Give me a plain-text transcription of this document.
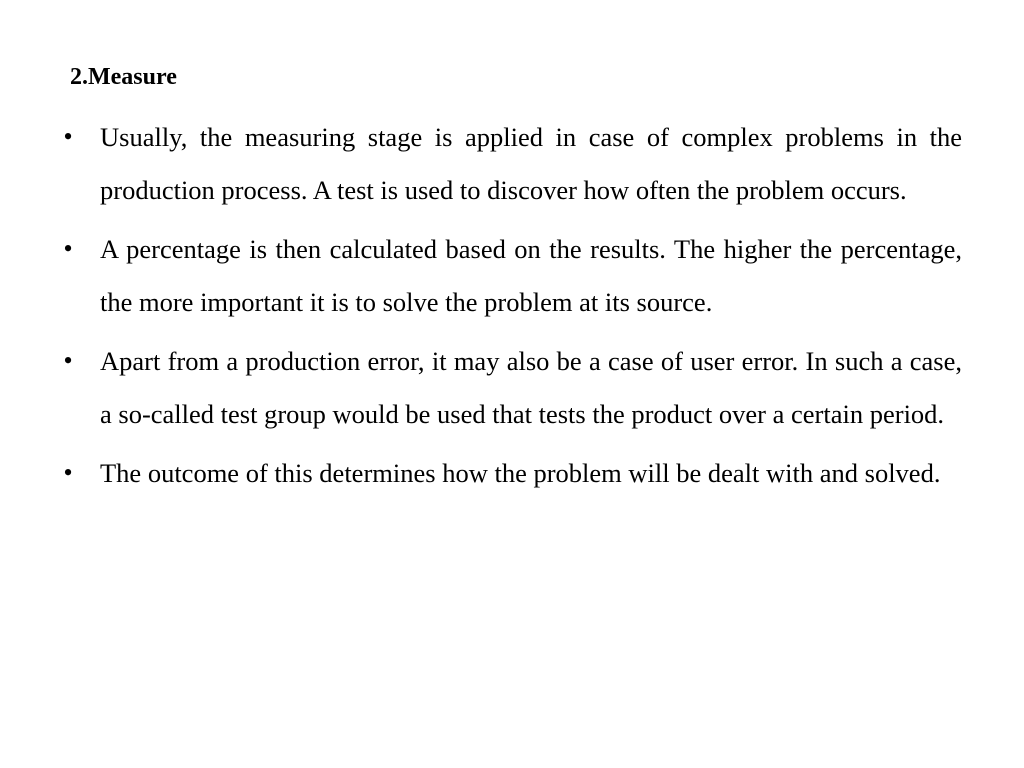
2.Measure
• Usually, the measuring stage is applied in case of complex problems in the production process. A test is used to discover how often the problem occurs.
• A percentage is then calculated based on the results. The higher the percentage, the more important it is to solve the problem at its source.
• Apart from a production error, it may also be a case of user error. In such a case, a so-called test group would be used that tests the product over a certain period.
• The outcome of this determines how the problem will be dealt with and solved.
